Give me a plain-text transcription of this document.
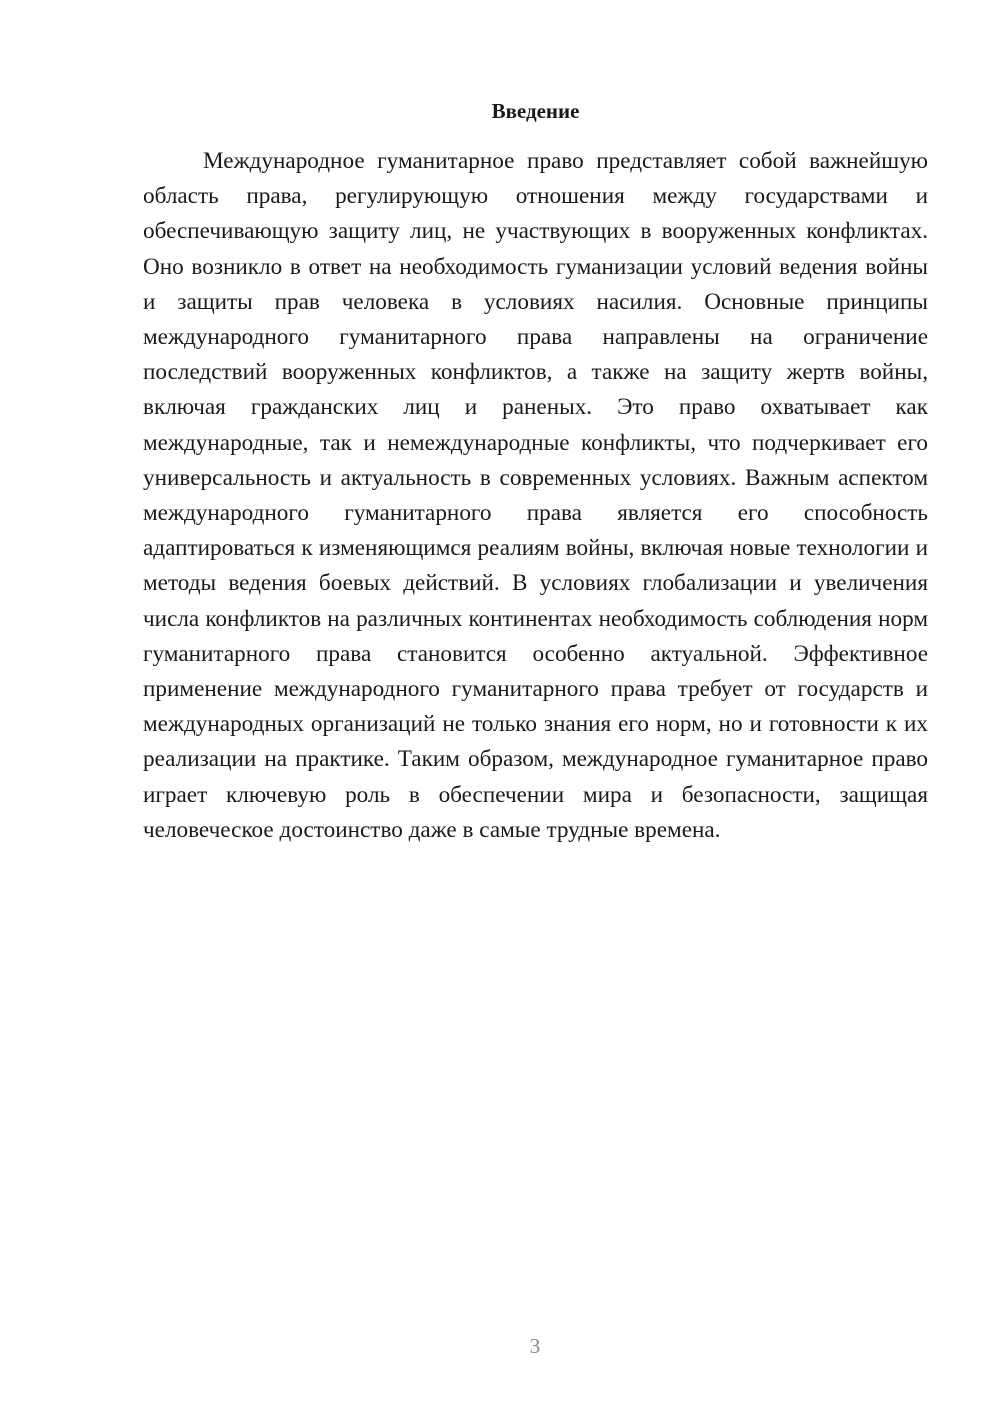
Введение

Международное гуманитарное право представляет собой важнейшую область права, регулирующую отношения между государствами и обеспечивающую защиту лиц, не участвующих в вооруженных конфликтах. Оно возникло в ответ на необходимость гуманизации условий ведения войны и защиты прав человека в условиях насилия. Основные принципы международного гуманитарного права направлены на ограничение последствий вооруженных конфликтов, а также на защиту жертв войны, включая гражданских лиц и раненых. Это право охватывает как международные, так и немеждународные конфликты, что подчеркивает его универсальность и актуальность в современных условиях. Важным аспектом международного гуманитарного права является его способность адаптироваться к изменяющимся реалиям войны, включая новые технологии и методы ведения боевых действий. В условиях глобализации и увеличения числа конфликтов на различных континентах необходимость соблюдения норм гуманитарного права становится особенно актуальной. Эффективное применение международного гуманитарного права требует от государств и международных организаций не только знания его норм, но и готовности к их реализации на практике. Таким образом, международное гуманитарное право играет ключевую роль в обеспечении мира и безопасности, защищая человеческое достоинство даже в самые трудные времена.

3
